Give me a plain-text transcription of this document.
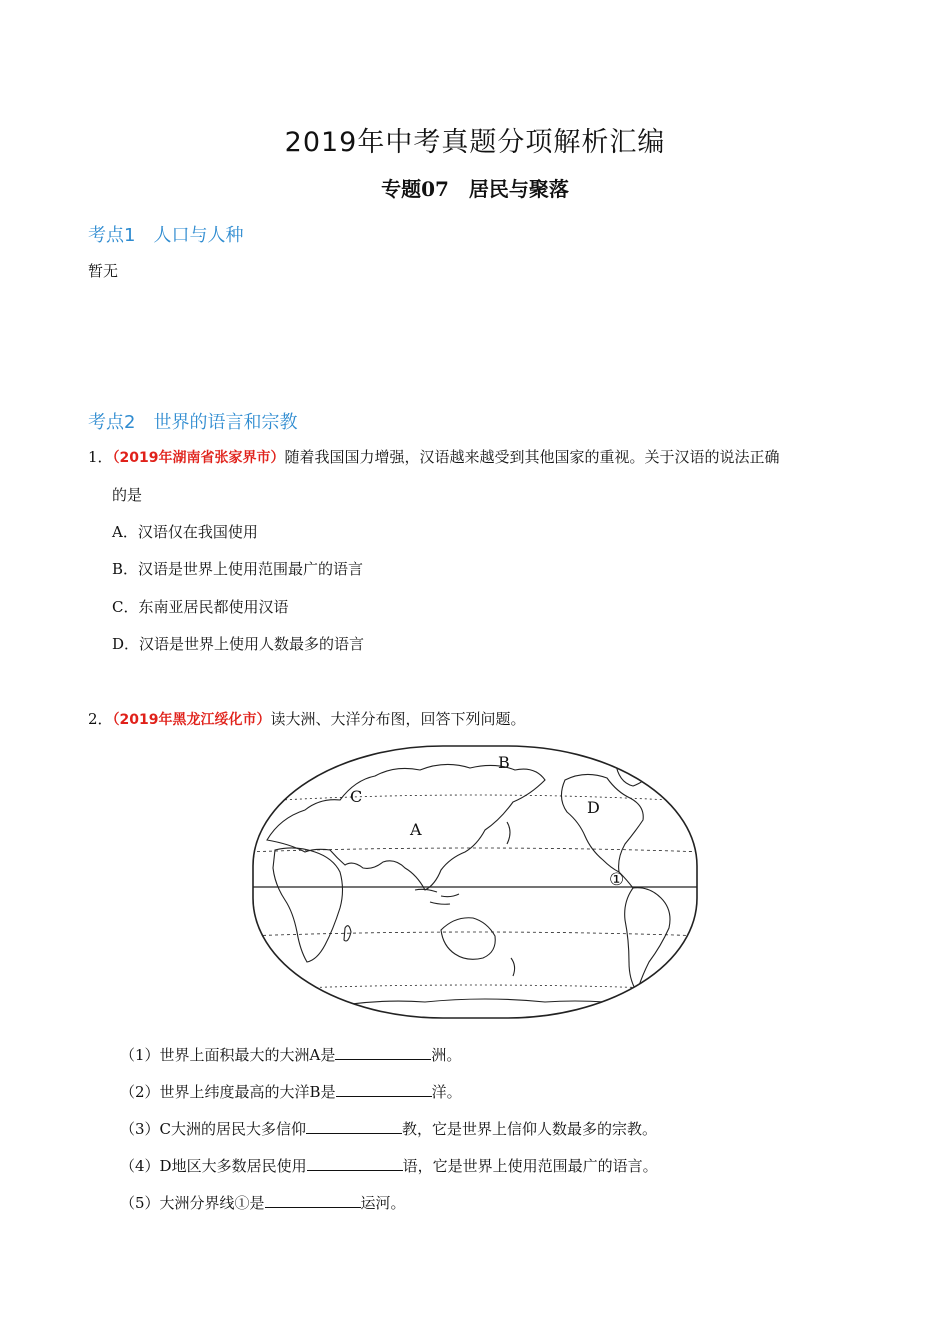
2019年中考真题分项解析汇编
专题07　居民与聚落
考点1 人口与人种
暂无
考点2 世界的语言和宗教
1．（2019年湖南省张家界市）随着我国国力增强，汉语越来越受到其他国家的重视。关于汉语的说法正确
的是
A．汉语仅在我国使用
B．汉语是世界上使用范围最广的语言
C．东南亚居民都使用汉语
D．汉语是世界上使用人数最多的语言
2．（2019年黑龙江绥化市）读大洲、大洋分布图，回答下列问题。
A
B
C
D
①
（1）世界上面积最大的大洲A是	洲。
（2）世界上纬度最高的大洋B是	洋。
（3）C大洲的居民大多信仰	教，它是世界上信仰人数最多的宗教。
（4）D地区大多数居民使用	语，它是世界上使用范围最广的语言。
（5）大洲分界线①是	运河。
